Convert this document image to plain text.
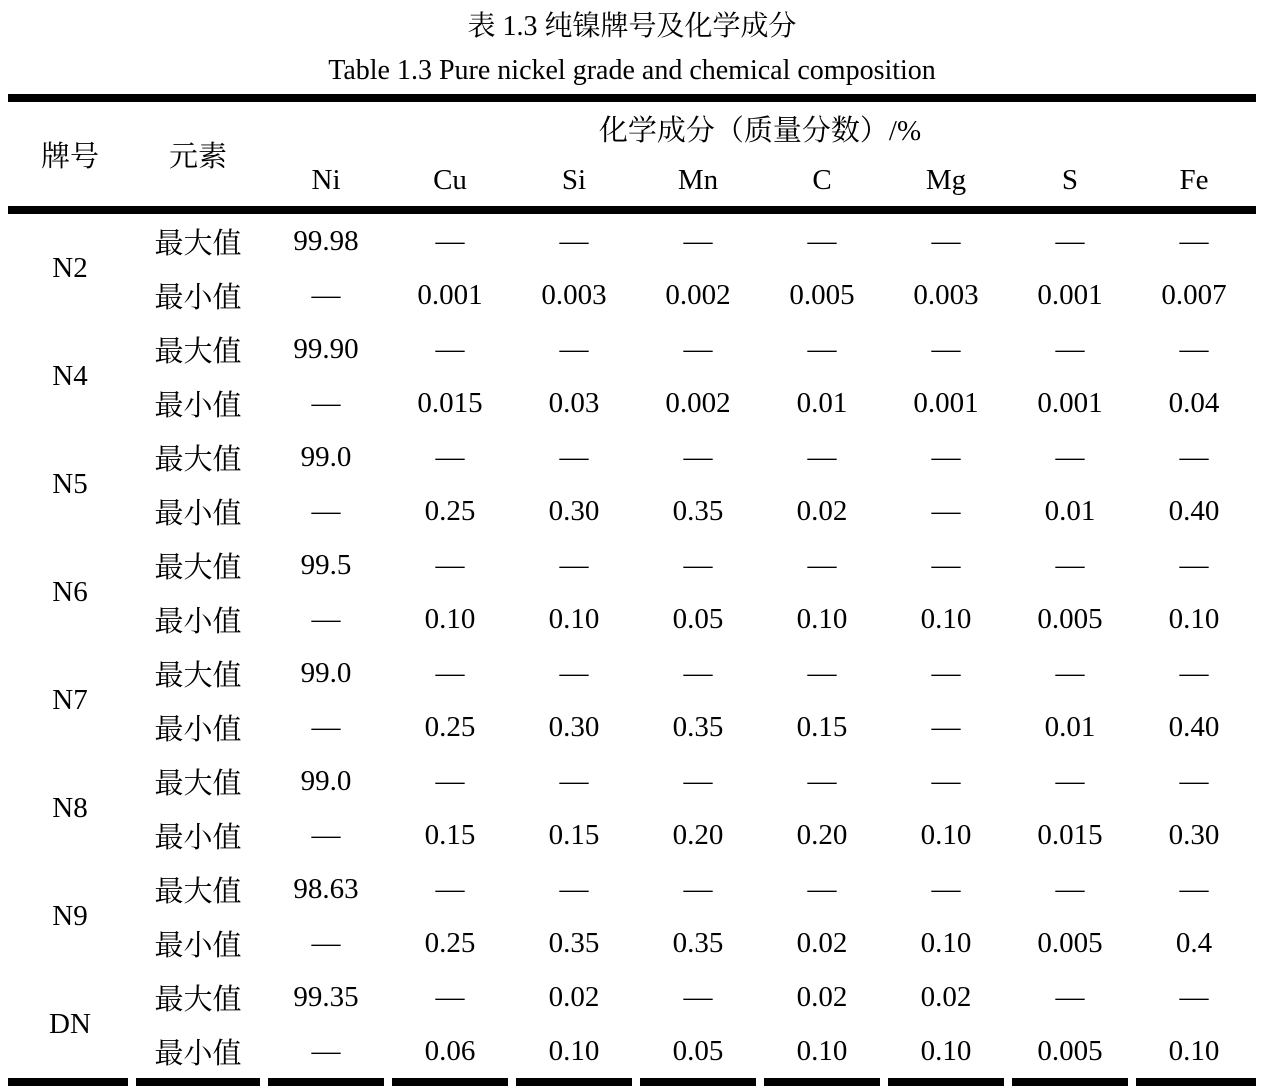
表 1.3 纯镍牌号及化学成分
Table 1.3 Pure nickel grade and chemical composition
牌号	元素
化学成分（质量分数）/%
Ni	Cu	Si	Mn	C	Mg	S	Fe
N2
最大值	99.98	—	—	—	—	—	—	—
最小值	—	0.001	0.003	0.002	0.005	0.003	0.001	0.007
N4
最大值	99.90	—	—	—	—	—	—	—
最小值	—	0.015	0.03	0.002	0.01	0.001	0.001	0.04
N5
最大值	99.0	—	—	—	—	—	—	—
最小值	—	0.25	0.30	0.35	0.02	—	0.01	0.40
N6
最大值	99.5	—	—	—	—	—	—	—
最小值	—	0.10	0.10	0.05	0.10	0.10	0.005	0.10
N7
最大值	99.0	—	—	—	—	—	—	—
最小值	—	0.25	0.30	0.35	0.15	—	0.01	0.40
N8
最大值	99.0	—	—	—	—	—	—	—
最小值	—	0.15	0.15	0.20	0.20	0.10	0.015	0.30
N9
最大值	98.63	—	—	—	—	—	—	—
最小值	—	0.25	0.35	0.35	0.02	0.10	0.005	0.4
DN
最大值	99.35	—	0.02	—	0.02	0.02	—	—
最小值	—	0.06	0.10	0.05	0.10	0.10	0.005	0.10
